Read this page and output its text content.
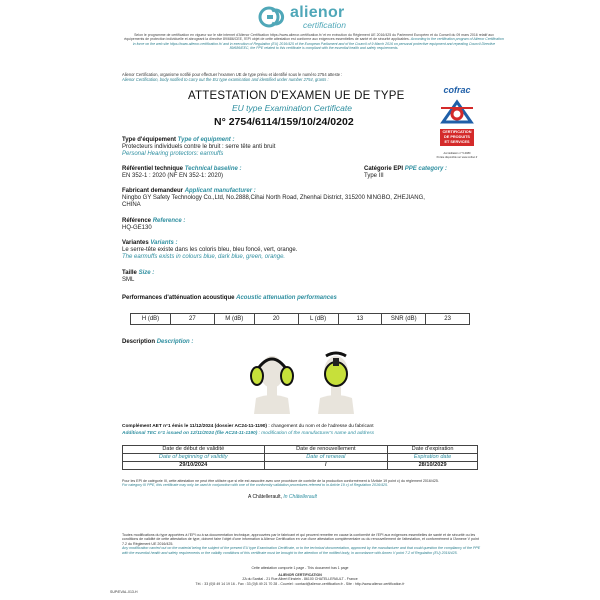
alienor
certification
Selon le programme de certification en vigueur sur le site internet d'Alienor Certification https://www.alienor-certification.fr/ et en exécution du Règlement UE 2016/425 du Parlement Européen et du Conseil du 09 mars 2016 relatif aux équipements de protection individuelle et abrogeant la directive 89/686/CEE, l'EPI objet de cette attestation est conforme aux exigences essentielles de santé et de sécurité applicables. According to the certification program of Alienor Certification in force on the web site https://www.alienor-certification.fr/ and in execution of Regulation (EU) 2016/425 of the European Parliament and of the Council of 9 March 2016 on personal protective equipment and repealing Council Directive 89/686/EEC, the PPE related to this certificate is compliant with the essential health and safety requirements.
Alienor Certification, organisme notifié pour effectuer l'examen UE de type prévu et identifié sous le numéro 2754 atteste :
Alienor Certification, body notified to carry out the EU type examination and identified under number 2754, grants :
ATTESTATION D'EXAMEN UE DE TYPE
EU type Examination Certificate
N° 2754/6114/159/10/24/0202
cofrac
CERTIFICATION
DE PRODUITS
ET SERVICES
Accréditation n° 5-0080
Portée disponible sur www.cofrac.fr
Type d'équipement Type of equipment :
Protecteurs individuels contre le bruit : serre tête anti bruit
Personal Hearing protectors: earmuffs
Référentiel technique Technical baseline :
EN 352-1 : 2020 (NF EN 352-1: 2020)
Catégorie EPI PPE category :
Type III
Fabricant demandeur Applicant manufacturer :
Ningbo GY Safety Technology Co.,Ltd, No.2888,Cihai North Road, Zhenhai District, 315200 NINGBO, ZHEJIANG,
CHINA
Référence Reference :
HQ-GE130
Variantes Variants :
Le serre-tête existe dans les coloris bleu, bleu foncé, vert, orange.
The earmuffs exists in colours blue, dark blue, green, orange.
Taille Size :
SML
Performances d'atténuation acoustique Acoustic attenuation performances
H (dB)	27	M (dB)	20	L (dB)	13	SNR (dB)	23
Description Description :
Complément AET n°1 émis le 11/12/2024 (dossier AC24-11-1190) : changement du nom et de l'adresse du fabricant
Additional TEC n°1 issued on 12/11/2024 (file AC24-11-1190) : modification of the manufacturer's name and address
Date de début de validité	Date de renouvellement	Date d'expiration
Date of beginning of validity	Date of renewal	Expiration date
29/10/2024	/	28/10/2029
Pour les EPI de catégorie III, cette attestation ne peut être utilisée que si elle est associée avec une procédure de contrôle de la production conformément à l'Article 19 point c) du règlement 2016/425.
For category III PPE, this certificate may only be used in conjunction with one of the conformity validation procedures referred to in Article 19 c) of Regulation 2016/425.
A Châtellerault, In Châtellerault
Toutes modifications du type apportées à l'EPI ou à sa documentation technique, approuvées par le fabricant et qui peuvent remettre en cause la conformité de l'EPI aux exigences essentielles de santé et de sécurité ou les conditions de validité de cette attestation de type, doivent faire l'objet d'une information à Alienor Certification en vue d'une attestation complémentaire ou du renouvellement de l'attestation, et conformément à l'Annexe V point 7.2 du Règlement UE 2016/425.
Any modification carried out on the material being the subject of the present EU type Examination Certificate, or to the technical documentation, approved by the manufacturer and that could question the compliancy of the PPE with the essential health and safety requirements or the validity conditions of this certificate must be brought to the attention of the notified body, in accordance with Annex V point 7.2 of Regulation (EU) 2016/425.
Cette attestation comporte 1 page - This document has 1 page
ALIENOR CERTIFICATION
ZA du Sanital - 21 Rue Albert Einstein - 86100 CHATELLERAULT - France
Tél. : 33 (0)5 49 14 19 16 - Fax : 33 (0)5 49 21 70 28 - Courriel : contact@alienor-certification.fr - Site : http://www.alienor-certification.fr
SUP/EVAL-013-H
